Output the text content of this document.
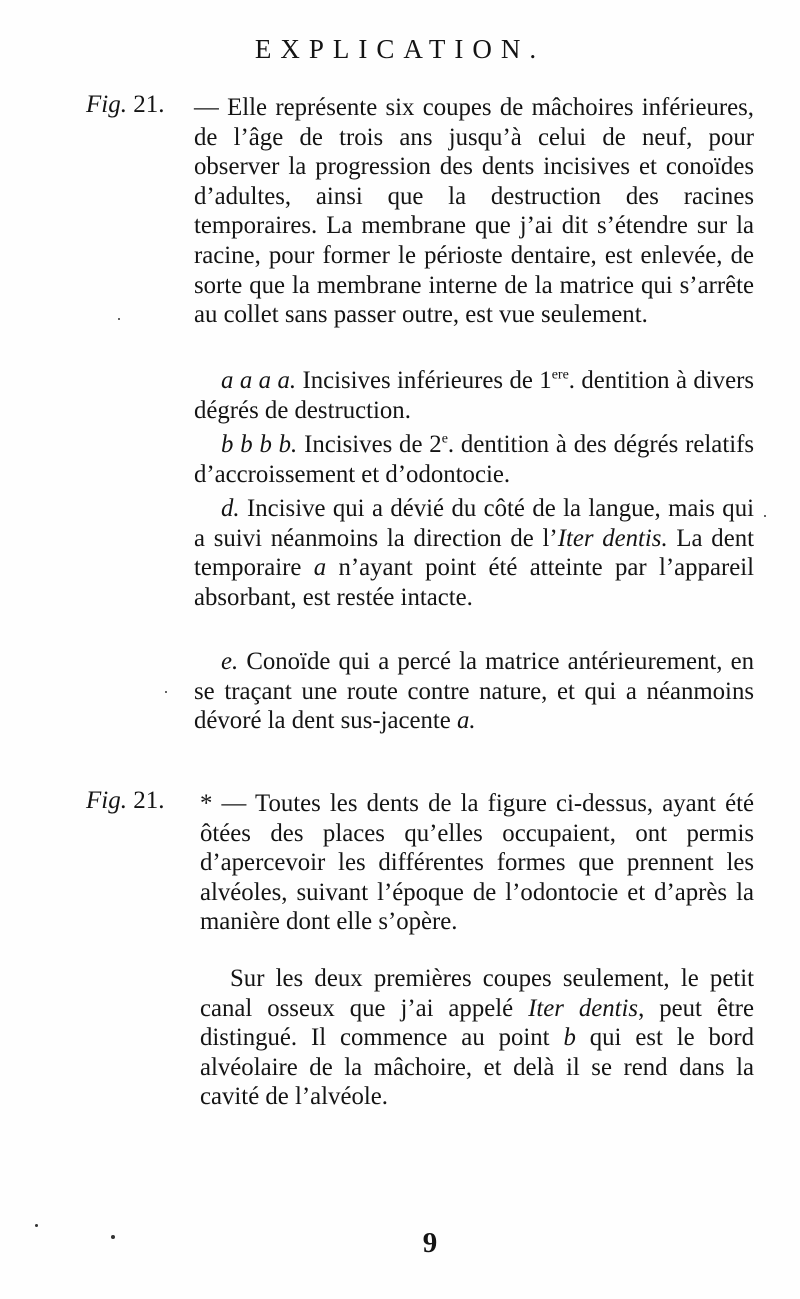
EXPLICATION.
Fig. 21. — Elle représente six coupes de mâchoires inférieures, de l’âge de trois ans jusqu’à celui de neuf, pour observer la progression des dents incisives et conoïdes d’adultes, ainsi que la destruction des racines temporaires. La membrane que j’ai dit s’étendre sur la racine, pour former le périoste dentaire, est enlevée, de sorte que la membrane interne de la matrice qui s’arrête au collet sans passer outre, est vue seulement.

a a a a. Incisives inférieures de 1ere. dentition à divers dégrés de destruction.

b b b b. Incisives de 2e. dentition à des dégrés relatifs d’accroissement et d’odontocie.

d. Incisive qui a dévié du côté de la langue, mais qui a suivi néanmoins la direction de l’Iter dentis. La dent temporaire a n’ayant point été atteinte par l’appareil absorbant, est restée intacte.

e. Conoïde qui a percé la matrice antérieurement, en se traçant une route contre nature, et qui a néanmoins dévoré la dent sus-jacente a.

Fig. 21. * — Toutes les dents de la figure ci-dessus, ayant été ôtées des places qu’elles occupaient, ont permis d’apercevoir les différentes formes que prennent les alvéoles, suivant l’époque de l’odontocie et d’après la manière dont elle s’opère.

Sur les deux premières coupes seulement, le petit canal osseux que j’ai appelé Iter dentis, peut être distingué. Il commence au point b qui est le bord alvéolaire de la mâchoire, et delà il se rend dans la cavité de l’alvéole.

9
